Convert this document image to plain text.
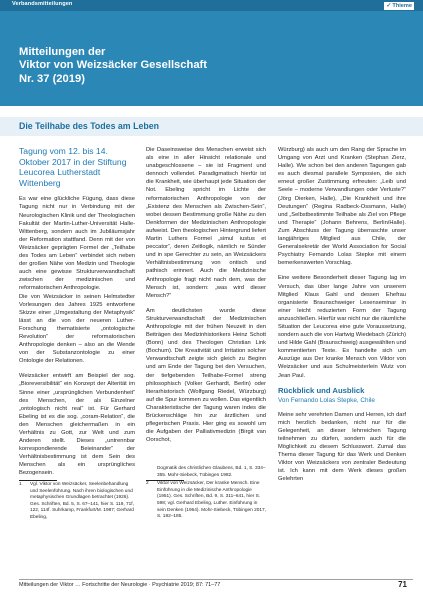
Verbandsmitteilungen	✓ Thieme
Mitteilungen der
Viktor von Weizsäcker Gesellschaft
Nr. 37 (2019)
Die Teilhabe des Todes am Leben
Tagung vom 12. bis 14. Oktober 2017 in der Stiftung Leucorea Lutherstadt Wittenberg

Es war eine glückliche Fügung, dass diese Tagung nicht nur in Verbindung mit der Neurologischen Klinik und der Theologischen Fakultät der Martin-Luther-Universität Halle-Wittenberg, sondern auch im Jubiläumsjahr der Reformation stattfand. Denn mit der von Weizsäcker geprägten Formel der „Teilhabe des Todes am Leben“ verbindet sich neben der großen Nähe von Medizin und Theologie auch eine gewisse Strukturverwandtschaft zwischen der medizinischen und reformatorischen Anthropologie.

Die von Weizsäcker in seinen Helmstedter Vorlesungen des Jahres 1925 entworfene Skizze einer „Umgestaltung der Metaphysik“ lässt an die von der neueren Luther-Forschung thematisierte „ontologische Revolution“ der reformatorischen Anthropologie denken – also an die Wende von der Substanzontologie zu einer Ontologie der Relationen.

Weizsäcker entwirft am Beispiel der sog. „Bioreversibilität“ ein Konzept der Alterität im Sinne einer „ursprünglichen Verbundenheit“ des Menschen, der als Einzelner „ontologisch nicht real“ ist. Für Gerhard Ebeling ist es die sog. „coram-Relation“, die den Menschen gleichermaßen in ein Verhältnis zu Gott, zur Welt und zum Anderen stellt. Dieses „untrennbar korrespondierende Beieinander“ der Verhältnisbestimmung ist dem Sein des Menschen als ein ursprüngliches Bezogensein.

Die Daseinsweise des Menschen erweist sich als eine in aller Hinsicht relationale und unabgeschlossene – sie ist Fragment und dennoch vollendet. Paradigmatisch hierfür ist die Krankheit, wie überhaupt jede Situation der Not. Ebeling spricht im Lichte der reformatorischen Anthropologie von der „Existenz des Menschen als Zwischen-Sein“, wobei dessen Bestimmung große Nähe zu den Denkformen der Medizinischen Anthropologie aufweist. Den theologischen Hintergrund liefert Martin Luthers Formel „simul iustus et peccator“, deren Zeitlogik, nämlich re Sünder und in spe Gerechter zu sein, an Weizsäckers Verhältnisbestimmung von ontisch und pathisch erinnert. Auch die Medizinische Anthropologie fragt nicht nach dem, was der Mensch ist, sondern: „was wird dieser Mensch?“

Am deutlichsten wurde diese Strukturverwandtschaft der Medizinischen Anthropologie mit der frühen Neuzeit in den Beiträgen des Medizinhistorikers Heinz Schott (Bonn) und des Theologen Christian Link (Bochum). Die Kreativität und Irritation solcher Verwandtschaft zeigte sich gleich zu Beginn und am Ende der Tagung bei den Versuchen, der tiefgebenden Teilhabe-Formel streng philosophisch (Volker Gerhardt, Berlin) oder literarhistorisch (Wolfgang Riedel, Würzburg) auf die Spur kommen zu wollen. Das eigentlich Charakteristische der Tagung waren indes die Brückenschläge hin zur ärztlichen und pflegerischen Praxis. Hier ging es sowohl um die Aufgaben der Palliativmedizin (Birgit van Oorschot,

Würzburg) als auch um den Rang der Sprache im Umgang von Arzt und Kranken (Stephan Zierz, Halle). Wie schon bei den anderen Tagungen gab es auch diesmal parallele Symposien, die sich erneut großer Zustimmung erfreuten: „Leib und Seele – moderne Verwandlungen oder Verluste?“ (Jörg Dierken, Halle), „Die Krankheit und ihre Deutungen“ (Regina Radbeck-Ossmann, Halle) und „Selbstbestimmte Teilhabe als Ziel von Pflege und Therapie“ (Johann Behrens, Berlin/Halle). Zum Abschluss der Tagung überraschte unser langjähriges Mitglied aus Chile, der Generalsekretär der World Association for Social Psychiatry Fernando Lolas Stepke mit einem bemerkenswerten Vorschlag.

Eine weitere Besonderheit dieser Tagung lag im Versuch, das über lange Jahre von unserem Mitglied Klaus Gahl und dessen Ehefrau organisierte Braunschweiger Lesenseminar in einer leicht reduzierten Form der Tagung anzuschließen. Hierfür war nicht nur die räumliche Situation der Leucorea eine gute Voraussetzung, sondern auch die von Hartwig Wiedebach (Zürich) und Hilde Gahl (Braunschweig) ausgewählten und kommentierten Texte. Es handelte sich um Auszüge aus Der kranke Mensch von Viktor von Weizsäcker und aus Schulmeisterlein Wutz von Jean Paul.

Rückblick und Ausblick
Von Fernando Lolas Stepke, Chile

Meine sehr verehrten Damen und Herren, ich darf mich herzlich bedanken, nicht nur für die Gelegenheit, an dieser lehrreichen Tagung teilnehmen zu dürfen, sondern auch für die Möglichkeit zu diesem Schlusswort. Zumal das Thema dieser Tagung für das Werk und Denken Viktor von Weizsäckers von zentraler Bedeutung ist. Ich kann mit dem Werk dieses großen Gelehrten

1	Vgl. Viktor von Weizsäcker, Seelenbehandlung und Seelenführung. Nach ihren biologischen und metaphysischen Grundlagen betrachtet (1926). Ges. Schriften, Bd. 5, S. 67–141, hier S. 119, 71f, 122, 114f. Suhrkamp, Frankfurt/M. 1987; Gerhard Ebeling,
Dogmatik des christlichen Glaubens, Bd. 1, S. 334–355. Mohr-Siebeck, Tübingen 1982.
2	Viktor von Weizsäcker, Der kranke Mensch. Eine Einführung in die Medizinische Anthropologie (1951). Ges. Schriften, Bd. 9, S. 311–641, hier S. 598; vgl. Gerhard Ebeling, Luther. Einführung in sein Denken (1964). Mohr-Siebeck, Tübingen 2017, S. 182–185.
Mitteilungen der Viktor … Fortschritte der Neurologie · Psychiatrie 2019; 87: 71–77	71
